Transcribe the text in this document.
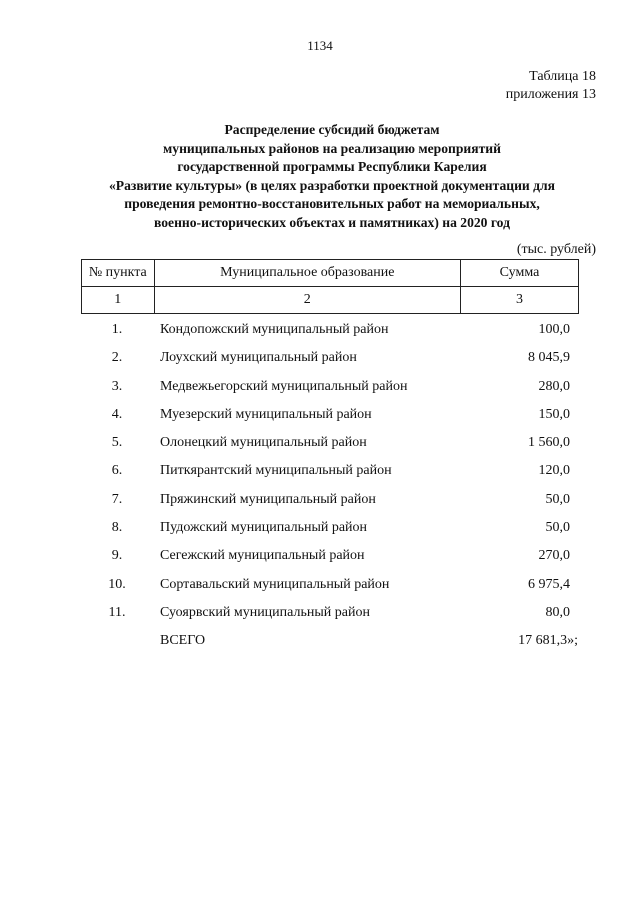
1134
Таблица 18
приложения 13
Распределение субсидий бюджетам
муниципальных районов на реализацию мероприятий
государственной программы Республики Карелия
«Развитие культуры» (в целях разработки проектной документации для
проведения ремонтно-восстановительных работ на мемориальных,
военно-исторических объектах и памятниках) на 2020 год
(тыс. рублей)
№ пункта	Муниципальное образование	Сумма
1	2	3
1.	Кондопожский муниципальный район	100,0
2.	Лоухский муниципальный район	8 045,9
3.	Медвежьегорский муниципальный район	280,0
4.	Муезерский муниципальный район	150,0
5.	Олонецкий муниципальный район	1 560,0
6.	Питкярантский муниципальный район	120,0
7.	Пряжинский муниципальный район	50,0
8.	Пудожский муниципальный район	50,0
9.	Сегежский муниципальный район	270,0
10.	Сортавальский муниципальный район	6 975,4
11.	Суоярвский муниципальный район	80,0
ВСЕГО	17 681,3»;
